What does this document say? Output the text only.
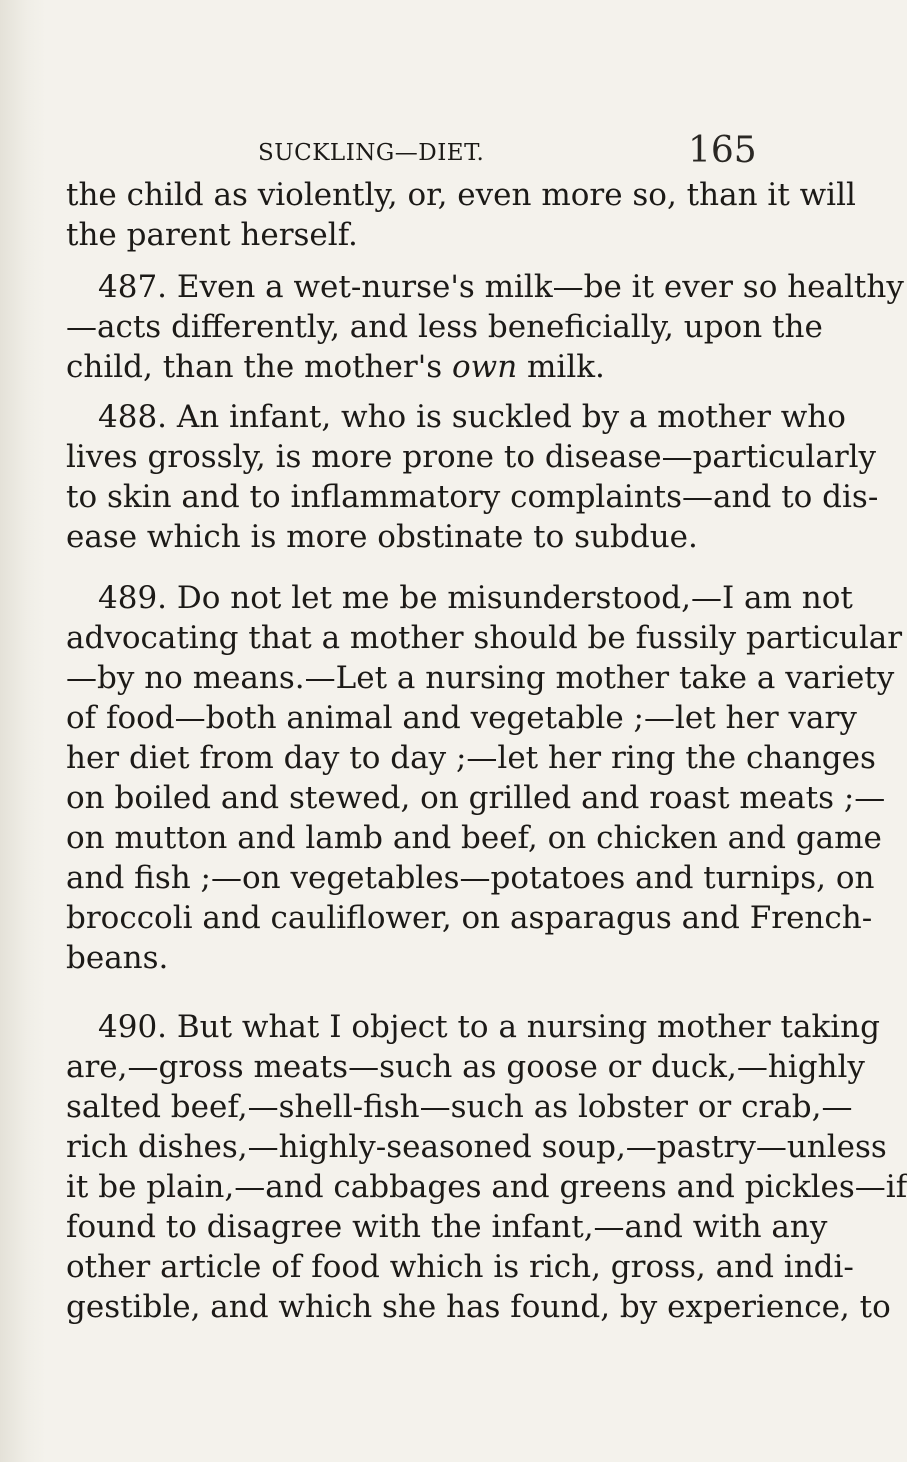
SUCKLING—DIET.	165
the child as violently, or, even more so, than it will
the parent herself.
487. Even a wet-nurse's milk—be it ever so healthy
—acts differently, and less beneficially, upon the
child, than the mother's own milk.
488. An infant, who is suckled by a mother who
lives grossly, is more prone to disease—particularly
to skin and to inflammatory complaints—and to dis-
ease which is more obstinate to subdue.
489. Do not let me be misunderstood,—I am not
advocating that a mother should be fussily particular
—by no means.—Let a nursing mother take a variety
of food—both animal and vegetable ;—let her vary
her diet from day to day ;—let her ring the changes
on boiled and stewed, on grilled and roast meats ;—
on mutton and lamb and beef, on chicken and game
and fish ;—on vegetables—potatoes and turnips, on
broccoli and cauliflower, on asparagus and French-
beans.
490. But what I object to a nursing mother taking
are,—gross meats—such as goose or duck,—highly
salted beef,—shell-fish—such as lobster or crab,—
rich dishes,—highly-seasoned soup,—pastry—unless
it be plain,—and cabbages and greens and pickles—if
found to disagree with the infant,—and with any
other article of food which is rich, gross, and indi-
gestible, and which she has found, by experience, to
